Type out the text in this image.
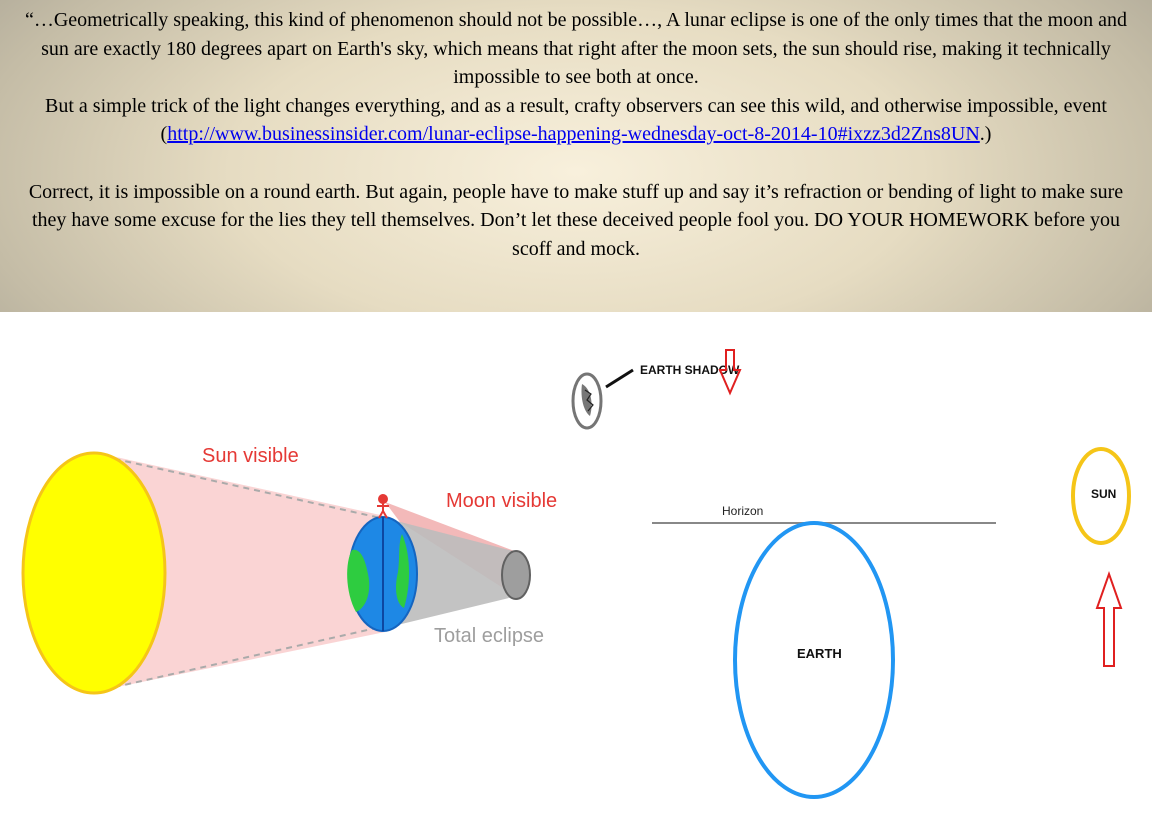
“…Geometrically speaking, this kind of phenomenon should not be possible…, A lunar eclipse is one of the only times that the moon and sun are exactly 180 degrees apart on Earth's sky, which means that right after the moon sets, the sun should rise, making it technically impossible to see both at once.

But a simple trick of the light changes everything, and as a result, crafty observers can see this wild, and otherwise impossible, event (http://www.businessinsider.com/lunar-eclipse-happening-wednesday-oct-8-2014-10#ixzz3d2Zns8UN.)

Correct, it is impossible on a round earth. But again, people have to make stuff up and say it’s refraction or bending of light to make sure they have some excuse for the lies they tell themselves. Don’t let these deceived people fool you. DO YOUR HOMEWORK before you scoff and mock.

Sun visible
Moon visible
Total eclipse
EARTH SHADOW
Horizon
EARTH
SUN
